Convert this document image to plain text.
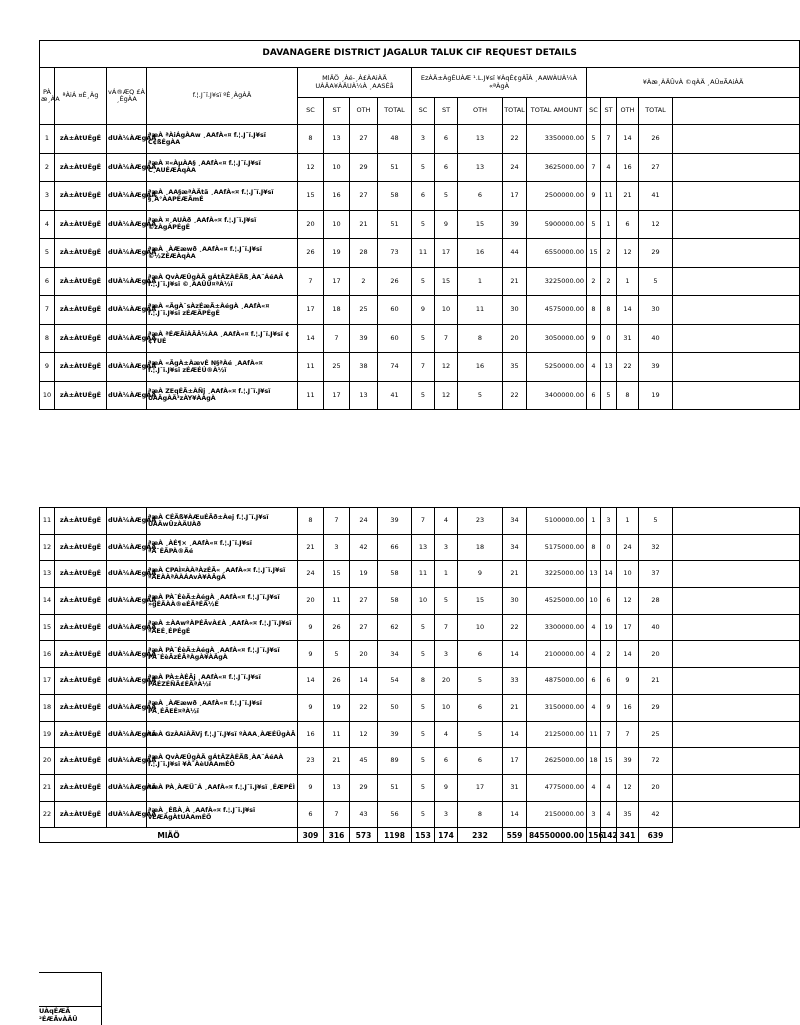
DAVANAGERE DISTRICT JAGALUR TALUK CIF REQUEST DETAILS																	
PÀ æ¸ÀA	ªÀiÁ ¤É¸Àg	vÁ®ÆQ £À ¸ÉgÀA	f.¦.J¯ï.J¥sï ºÉ¸ÀgÀÄ	MlÄÖ ¸Àé-¸À£ÀAiÀÄ UÀÄA¥ÀÄUÀ¼À ¸AASÉå				EzÀÄ±ÀgÉUÀÆ ¹.L.J¥sï ¥ÀqÉ¢gÀĪÀ ¸AAWÀUÀ¼À «ªÀgÀ					¥Àæ¸ÀÄÛvÀ ©qÀÄ ¸AÜ¤ÃAiÀÄ				
				SC	ST	OTH	TOTAL	SC	ST	OTH	TOTAL	TOTAL AMOUNT	SC	ST	OTH	TOTAL	
1	zÀ±ÀtUÉgÉ	dUÀ¼ÀÆgÀÄ	ªæÀ ªÀiÁgÀAw ¸AAfÀ«¤ f.¦.J¯ï.J¥sï C¢ßÉgÀA	8	13	27	48	3	6	13	22	3350000.00	5	7	14	26	
2	zÀ±ÀtUÉgÉ	dUÀ¼ÀÆgÀÄ	ªæÀ ¤«ÀµÀA§ ¸AAfÀ«¤ f.¦.J¯ï.J¥sï C¸AUÉÆÀqÀA	12	10	29	51	5	6	13	24	3625000.00	7	4	16	27	
3	zÀ±ÀtUÉgÉ	dUÀ¼ÀÆgÀÄ	ªæÀ ¸AA§æªÀÄtã ¸AAfÀ«¤ f.¦.J¯ï.J¥sï §¸À°ÀAPÉÆÃmÉ	15	16	27	58	6	5	6	17	2500000.00	9	11	21	41	
4	zÀ±ÀtUÉgÉ	dUÀ¼ÀÆgÀÄ	ªæÀ ¤¸AUÀð ¸AAfÀ«¤ f.¦.J¯ï.J¥sï ©zÀgÀPÉgÉ	20	10	21	51	5	9	15	39	5900000.00	5	1	6	12	
5	zÀ±ÀtUÉgÉ	dUÀ¼ÀÆgÀÄ	ªæÀ ¸ÀÆæwð ¸AAfÀ«¤ f.¦.J¯ï.J¥sï ©½ZÉÆÀqÀA	26	19	28	73	11	17	16	44	6550000.00	15	2	12	29	
6	zÀ±ÀtUÉgÉ	dUÀ¼ÀÆgÀÄ	ªæÀ QvÀÆÜgÀÄ gÁtÂZÀÉÃß¸ÀA¨ÁéAÀ f.¦.J¯ï.J¥sï ©¸AAÜÜ¤ªÀ½ï	7	17	2	26	5	15	1	21	3225000.00	2	2	1	5	
7	zÀ±ÀtUÉgÉ	dUÀ¼ÀÆgÀÄ	ªæÀ «ÃgÀ¨sÀzÉæÃ±ÀégÀ ¸AAfÀ«¤ f.¦.J¯ï.J¥sï zÉÆÃPÉgÉ	17	18	25	60	9	10	11	30	4575000.00	8	8	14	30	
8	zÀ±ÀtUÉgÉ	dUÀ¼ÀÆgÀÄ	ªæÀ ªÉÆÃiÀÄÄ¼ÀA ¸AAfÀ«¤ f.¦.J¯ï.J¥sï ¢¢YUÉ	14	7	39	60	5	7	8	20	3050000.00	9	0	31	40	
9	zÀ±ÀtUÉgÉ	dUÀ¼ÀÆgÀÄ	ªæÀ «ÃgÀ±ÀævÉ N§ªÀé ¸AAfÀ«¤ f.¦.J¯ï.J¥sï zÉÆÉÚ®À½ï	11	25	38	74	7	12	16	35	5250000.00	4	13	22	39	
10	zÀ±ÀtUÉgÉ	dUÀ¼ÀÆgÀÄ	ªæÀ ZEqÉÃ±ÀÑj ¸AAfÀ«¤ f.¦.J¯ï.J¥sï UÀÄgÀÄ³zÀY¥ÀÁgÀ	11	17	13	41	5	12	5	22	3400000.00	6	5	8	19	
11	zÀ±ÀtUÉgÉ	dUÀ¼ÀÆgÀÄ	ªæÀ CÉÃß¥ÀÆuÉÃð±Àej f.¦.J¯ï.J¥sï UÀÄwÛzÀÄUÀð	8	7	24	39	7	4	23	34	5100000.00	1	3	1	5	
12	zÀ±ÀtUÉgÉ	dUÀ¼ÀÆgÀÄ	ªæÀ ¸ÀÉ¶× ¸AAfÀ«¤ f.¦.J¯ï.J¥sï ªÀ¯ÉÃPÀ®Ãé	21	3	42	66	13	3	18	34	5175000.00	8	0	24	32	
13	zÀ±ÀtUÉgÉ	dUÀ¼ÀÆgÀÄ	ªæÀ CPAÌ¤ÀÀªÀzÉÃ« ¸AAfÀ«¤ f.¦.J¯ï.J¥sï ºÁEÀÀªÀÀÁAvÀ¥ÀÄgÀ	24	15	19	58	11	1	9	21	3225000.00	13	14	10	37	
14	zÀ±ÀtUÉgÉ	dUÀ¼ÀÆgÀÄ	ªæÀ PÀ¯ÉèÃ±ÀégÀ ¸AAfÀ«¤ f.¦.J¯ï.J¥sï »gÉÃÀÀ®eÉÃªÉÃ½É	20	11	27	58	10	5	15	30	4525000.00	10	6	12	28	
15	zÀ±ÀtUÉgÉ	dUÀ¼ÀÆgÀÄ	ªæÀ ±ÀAwºÀPÉÃvÀ£À ¸AAfÀ«¤ f.¦.J¯ï.J¥sï ºÀEÉ¸ÉPÉgÉ	9	26	27	62	5	7	10	22	3300000.00	4	19	17	40	
16	zÀ±ÀtUÉgÉ	dUÀ¼ÀÆgÀÄ	ªæÀ PÀ¯ÉèÃ±ÀégÀ ¸AAfÀ«¤ f.¦.J¯ï.J¥sï PÀ¯ÉèÃzÉÃªÀgÀ¥ÀÄgÀ	9	5	20	34	5	3	6	14	2100000.00	4	2	14	20	
17	zÀ±ÀtUÉgÉ	dUÀ¼ÀÆgÀÄ	ªæÀ PÀ±ÀÉÃj ¸AAfÀ«¤ f.¦.J¯ï.J¥sï PÀÉZÉÑÃ£ÉÃªÀ½ï	14	26	14	54	8	20	5	33	4875000.00	6	6	9	21	
18	zÀ±ÀtUÉgÉ	dUÀ¼ÀÆgÀÄ	ªæÀ ¸ÀÆæwð ¸AAfÀ«¤ f.¦.J¯ï.J¥sï PÀ¸ÉÃEÉ¤ªÀ½ï	9	19	22	50	5	10	6	21	3150000.00	4	9	16	29	
19	zÀ±ÀtUÉgÉ	dUÀ¼ÀÆgÀÄ	ªæÀ GzÀAiÀÄVj f.¦.J¯ï.J¥sï ºÀAA¸ÀÆÉÜgÀÄ	16	11	12	39	5	4	5	14	2125000.00	11	7	7	25	
20	zÀ±ÀtUÉgÉ	dUÀ¼ÀÆgÀÄ	ªæÀ QvÀÆÜgÀÄ gÁtÂZÀÉÃß¸ÀA¨ÁéAÀ f.¦.J¯ï.J¥sï ¥À¯ÀèUÀAmÉÖ	23	21	45	89	5	6	6	17	2625000.00	18	15	39	72	
21	zÀ±ÀtUÉgÉ	dUÀ¼ÀÆgÀÄ	ªæÀ PÀ¸ÀÆÜ¯Á ¸AAfÀ«¤ f.¦.J¯ï.J¥sï ¸ÉÆPÉÌ	9	13	29	51	5	9	17	31	4775000.00	4	4	12	20	
22	zÀ±ÀtUÉgÉ	dUÀ¼ÀÆgÀÄ	ªæÀ ¸ÉßÀ¸À ¸AAfÀ«¤ f.¦.J¯ï.J¥sï vÉÆÃgÀtUÀAmÉÖ	6	7	43	56	5	3	8	14	2150000.00	3	4	35	42	
MlÄÖ				309	316	573	1198	153	174	232	559	84550000.00	156	142	341	639	
UÀqÉÆÃ ²ÉÆÃvÀÄÛ
